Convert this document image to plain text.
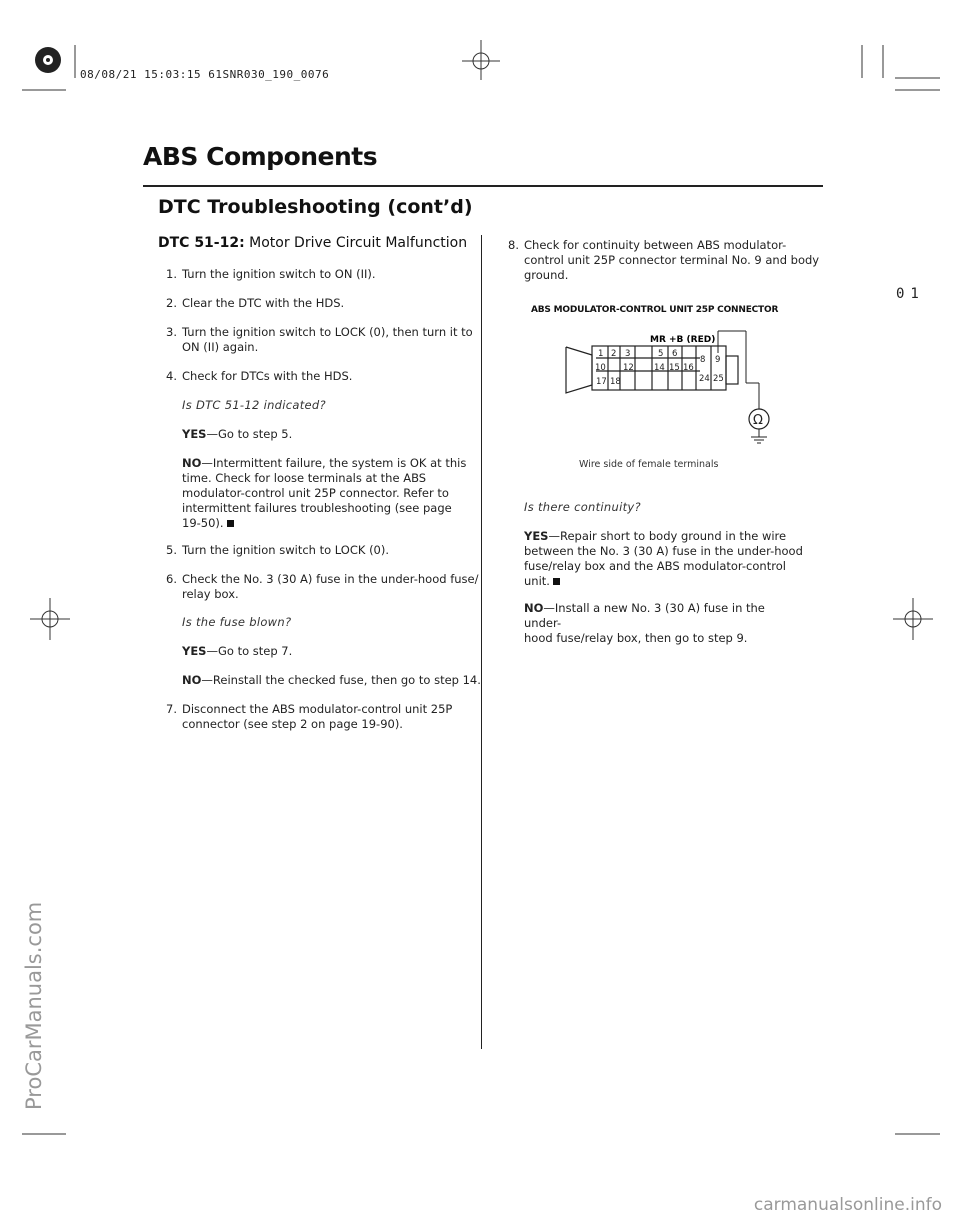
08/08/21 15:03:15 61SNR030_190_0076
ABS Components
DTC Troubleshooting (cont’d)
01
DTC 51-12: Motor Drive Circuit Malfunction
1. Turn the ignition switch to ON (II).
2. Clear the DTC with the HDS.
3. Turn the ignition switch to LOCK (0), then turn it to
ON (II) again.
4. Check for DTCs with the HDS.
Is DTC 51-12 indicated?
YES—Go to step 5.
NO—Intermittent failure, the system is OK at this
time. Check for loose terminals at the ABS
modulator-control unit 25P connector. Refer to
intermittent failures troubleshooting (see page
19-50).
5. Turn the ignition switch to LOCK (0).
6. Check the No. 3 (30 A) fuse in the under-hood fuse/
relay box.
Is the fuse blown?
YES—Go to step 7.
NO—Reinstall the checked fuse, then go to step 14.
7. Disconnect the ABS modulator-control unit 25P
connector (see step 2 on page 19-90).
8. Check for continuity between ABS modulator-
control unit 25P connector terminal No. 9 and body
ground.
ABS MODULATOR-CONTROL UNIT 25P CONNECTOR
MR +B (RED)
1 2 3	5 6
8 9
10 12 14 15 16
17 18	24 25
Ω
Wire side of female terminals
Is there continuity?
YES—Repair short to body ground in the wire
between the No. 3 (30 A) fuse in the under-hood
fuse/relay box and the ABS modulator-control
unit.
NO—Install a new No. 3 (30 A) fuse in the under-
hood fuse/relay box, then go to step 9.
ProCarManuals.com
carmanualsonline.info
